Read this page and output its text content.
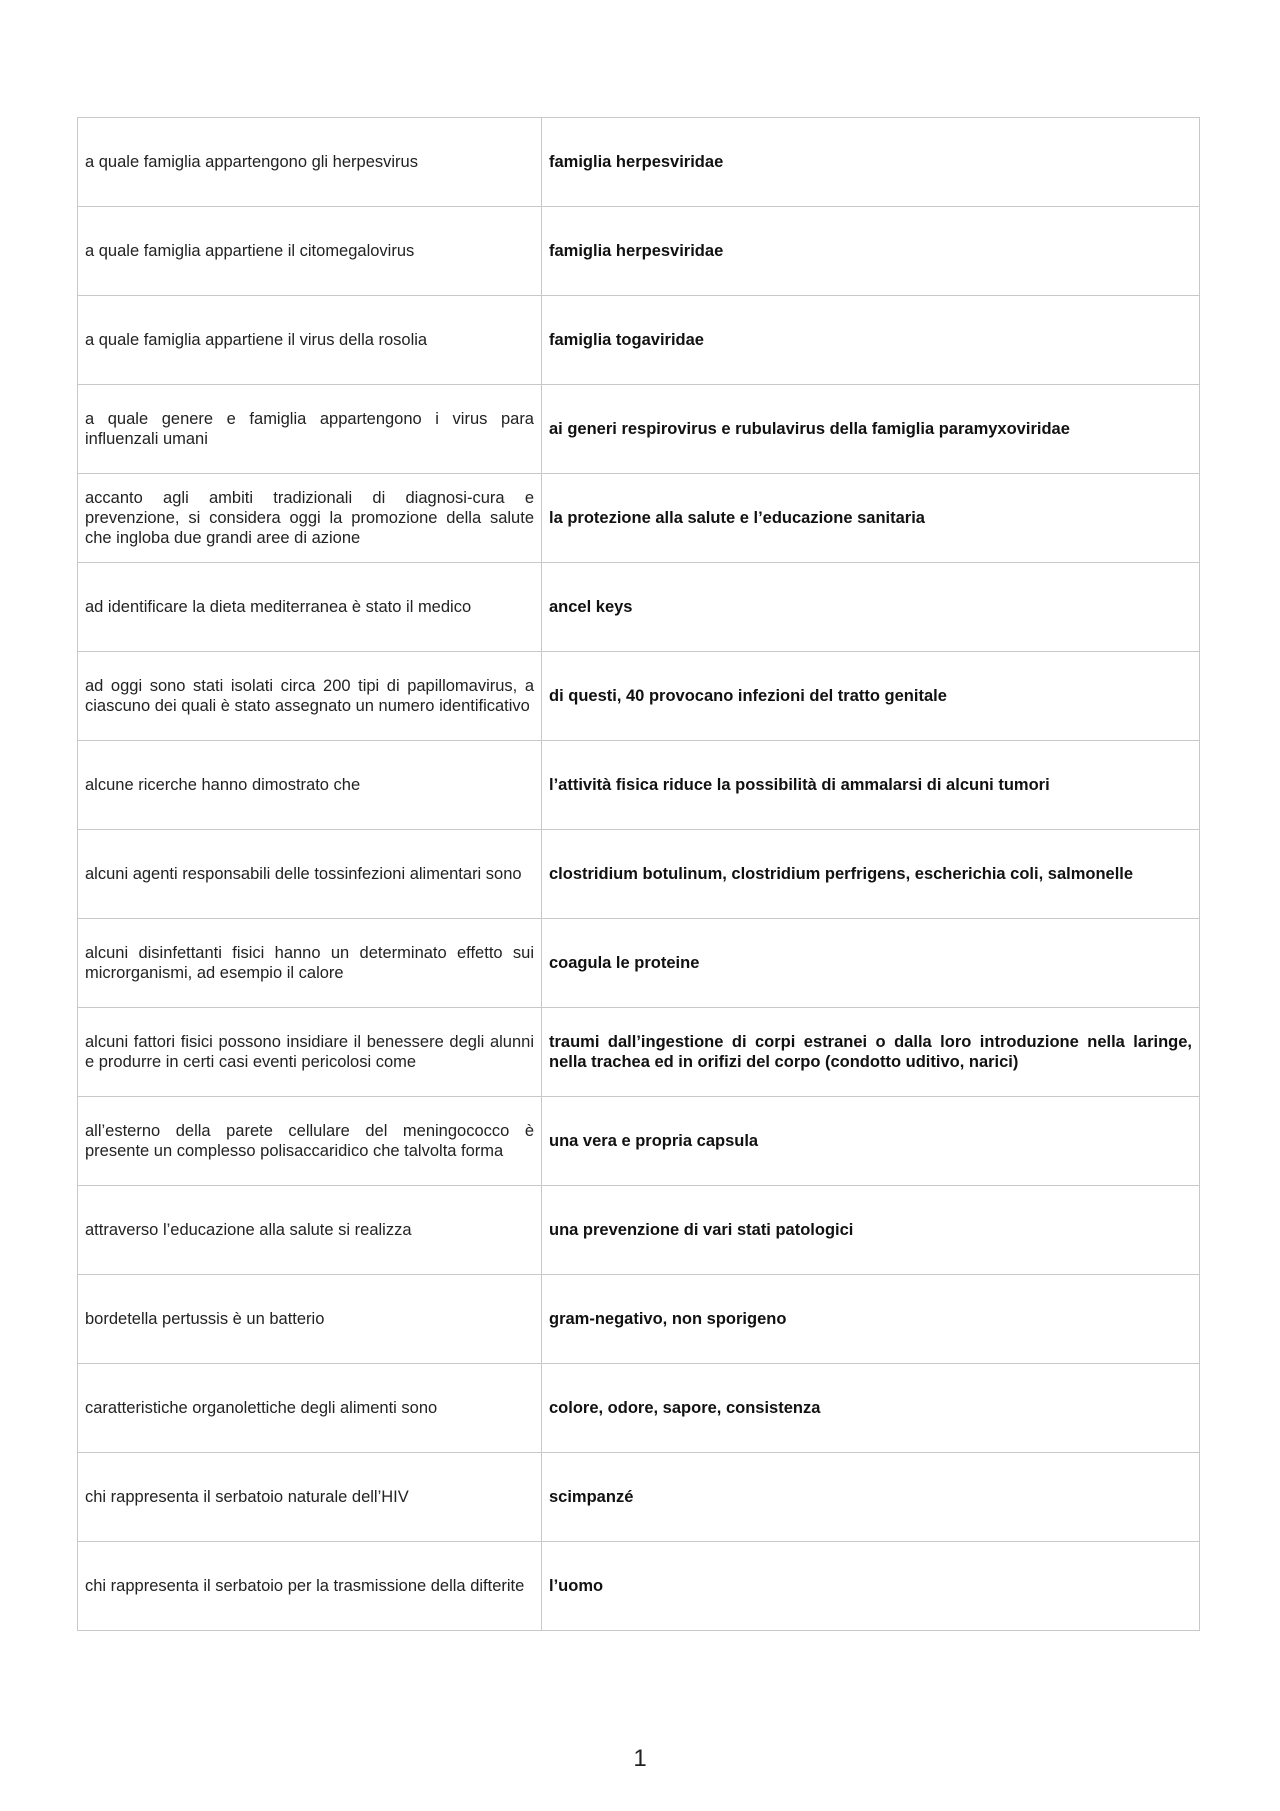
a quale famiglia appartengono gli herpesvirus	famiglia herpesviridae
a quale famiglia appartiene il citomegalovirus	famiglia herpesviridae
a quale famiglia appartiene il virus della rosolia	famiglia togaviridae
a quale genere e famiglia appartengono i virus para influenzali umani	ai generi respirovirus e rubulavirus della famiglia paramyxoviridae
accanto agli ambiti tradizionali di diagnosi-cura e prevenzione, si considera oggi la promozione della salute che ingloba due grandi aree di azione	la protezione alla salute e l’educazione sanitaria
ad identificare la dieta mediterranea è stato il medico	ancel keys
ad oggi sono stati isolati circa 200 tipi di papillomavirus, a ciascuno dei quali è stato assegnato un numero identificativo	di questi, 40 provocano infezioni del tratto genitale
alcune ricerche hanno dimostrato che	l’attività fisica riduce la possibilità di ammalarsi di alcuni tumori
alcuni agenti responsabili delle tossinfezioni alimentari sono	clostridium botulinum, clostridium perfrigens, escherichia coli, salmonelle
alcuni disinfettanti fisici hanno un determinato effetto sui microrganismi, ad esempio il calore	coagula le proteine
alcuni fattori fisici possono insidiare il benessere degli alunni e produrre in certi casi eventi pericolosi come	traumi dall’ingestione di corpi estranei o dalla loro introduzione nella laringe, nella trachea ed in orifizi del corpo (condotto uditivo, narici)
all’esterno della parete cellulare del meningococco è presente un complesso polisaccaridico che talvolta forma	una vera e propria capsula
attraverso l’educazione alla salute si realizza	una prevenzione di vari stati patologici
bordetella pertussis è un batterio	gram-negativo, non sporigeno
caratteristiche organolettiche degli alimenti sono	colore, odore, sapore, consistenza
chi rappresenta il serbatoio naturale dell’HIV	scimpanzé
chi rappresenta il serbatoio per la trasmissione della difterite	l’uomo
1
